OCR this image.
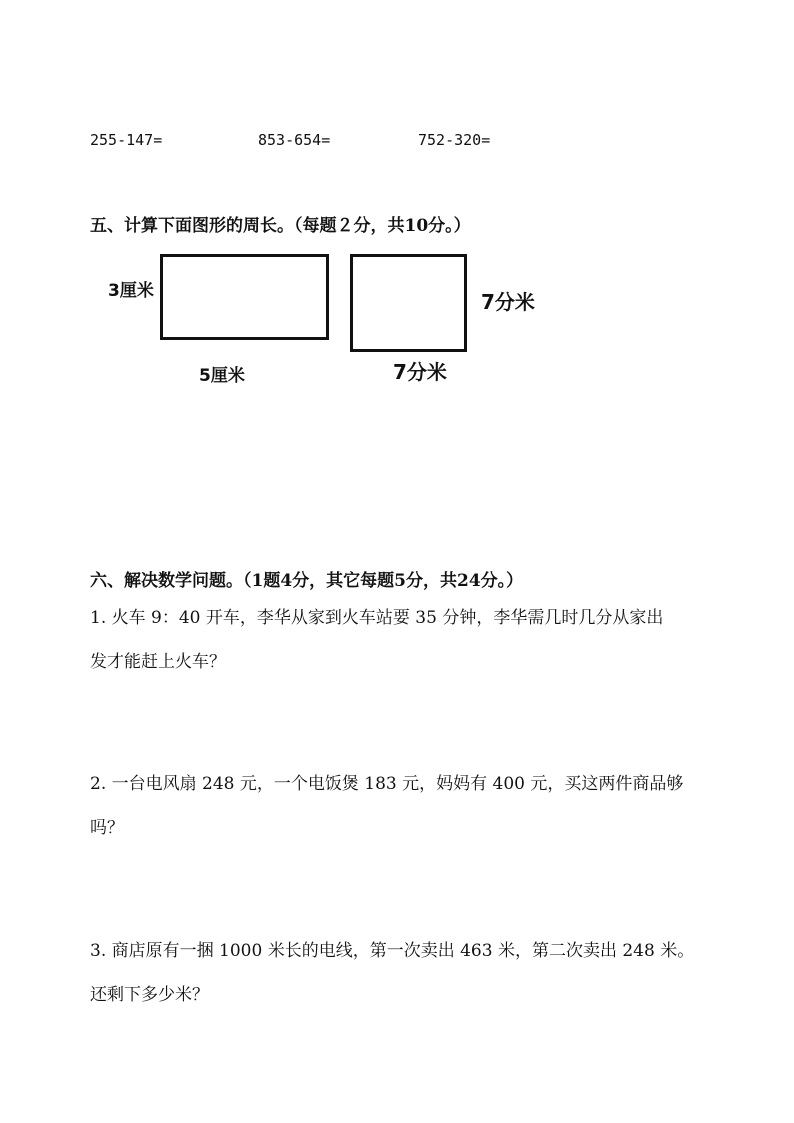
255-147=	853-654=	752-320=
五、计算下面图形的周长。（每题２分，共10分。）
3厘米
5厘米
7分米
7分米
六、解决数学问题。（1题4分，其它每题5分，共24分。）
1. 火车 9：40 开车，李华从家到火车站要 35 分钟，李华需几时几分从家出
发才能赶上火车？
2. 一台电风扇 248 元，一个电饭煲 183 元，妈妈有 400 元，买这两件商品够
吗？
3. 商店原有一捆 1000 米长的电线，第一次卖出 463 米，第二次卖出 248 米。
还剩下多少米？
